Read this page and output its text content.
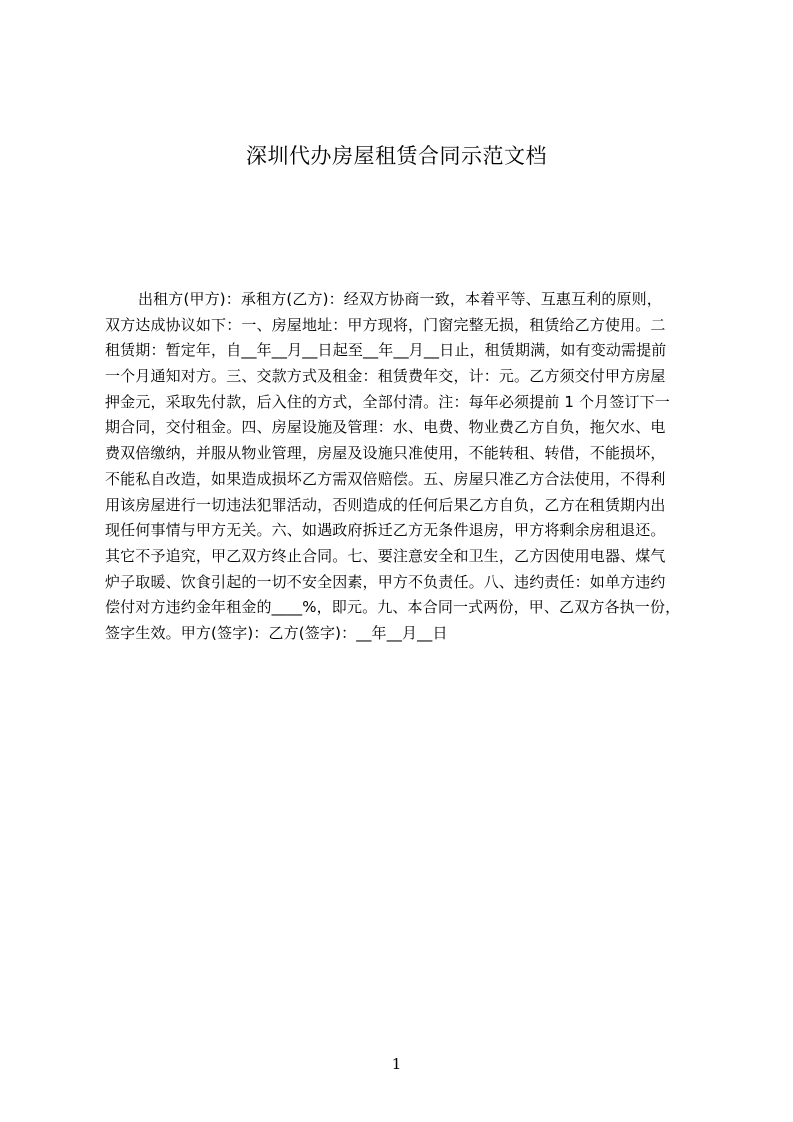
深圳代办房屋租赁合同示范文档
出租方(甲方)：承租方(乙方)：经双方协商一致，本着平等、互惠互利的原则，
双方达成协议如下：一、房屋地址：甲方现将，门窗完整无损，租赁给乙方使用。二
租赁期：暂定年，自__年__月__日起至__年__月__日止，租赁期满，如有变动需提前
一个月通知对方。三、交款方式及租金：租赁费年交，计：元。乙方须交付甲方房屋
押金元，采取先付款，后入住的方式，全部付清。注：每年必须提前 1 个月签订下一
期合同，交付租金。四、房屋设施及管理：水、电费、物业费乙方自负，拖欠水、电
费双倍缴纳，并服从物业管理，房屋及设施只准使用，不能转租、转借，不能损坏，
不能私自改造，如果造成损坏乙方需双倍赔偿。五、房屋只准乙方合法使用，不得利
用该房屋进行一切违法犯罪活动，否则造成的任何后果乙方自负，乙方在租赁期内出
现任何事情与甲方无关。六、如遇政府拆迁乙方无条件退房，甲方将剩余房租退还。
其它不予追究，甲乙双方终止合同。七、要注意安全和卫生，乙方因使用电器、煤气
炉子取暖、饮食引起的一切不安全因素，甲方不负责任。八、违约责任：如单方违约
偿付对方违约金年租金的____%，即元。九、本合同一式两份，甲、乙双方各执一份，
签字生效。甲方(签字)：乙方(签字)：__年__月__日
1
